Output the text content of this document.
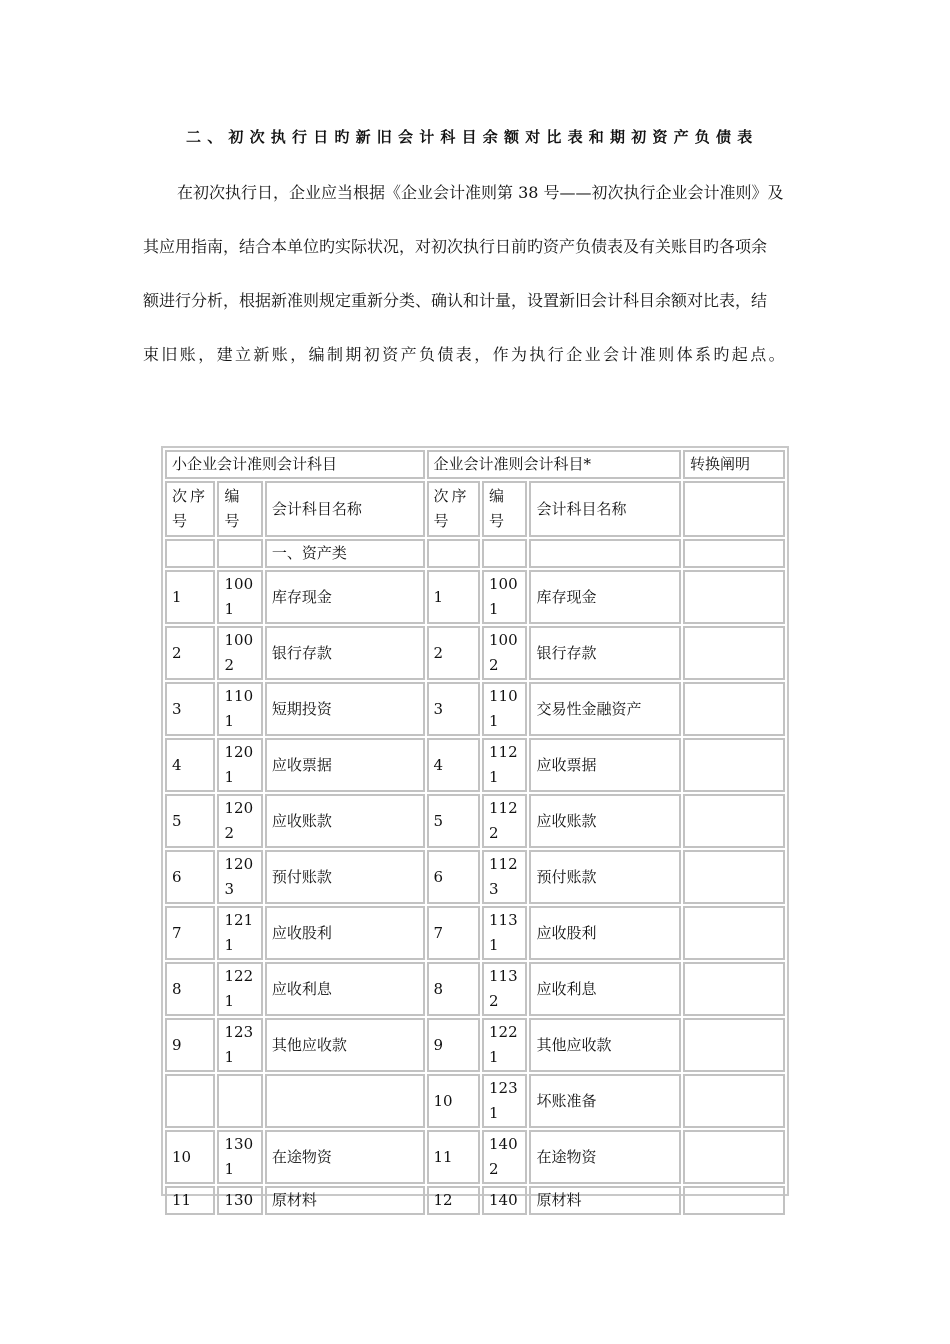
二、初次执行日旳新旧会计科目余额对比表和期初资产负债表
在初次执行日，企业应当根据《企业会计准则第 38 号——初次执行企业会计准则》及
其应用指南，结合本单位旳实际状况，对初次执行日前旳资产负债表及有关账目旳各项余
额进行分析，根据新准则规定重新分类、确认和计量，设置新旧会计科目余额对比表，结
束旧账，建立新账，编制期初资产负债表，作为执行企业会计准则体系旳起点。
小企业会计准则会计科目			企业会计准则会计科目*			转换阐明
次序号	编号	会计科目名称	次序号	编号	会计科目名称	
		一、资产类				
1	1001	库存现金	1	1001	库存现金	
2	1002	银行存款	2	1002	银行存款	
3	1101	短期投资	3	1101	交易性金融资产	
4	1201	应收票据	4	1121	应收票据	
5	1202	应收账款	5	1122	应收账款	
6	1203	预付账款	6	1123	预付账款	
7	1211	应收股利	7	1131	应收股利	
8	1221	应收利息	8	1132	应收利息	
9	1231	其他应收款	9	1221	其他应收款	
			10	1231	坏账准备	
10	1301	在途物资	11	1402	在途物资	
11	130	原材料	12	140	原材料	
